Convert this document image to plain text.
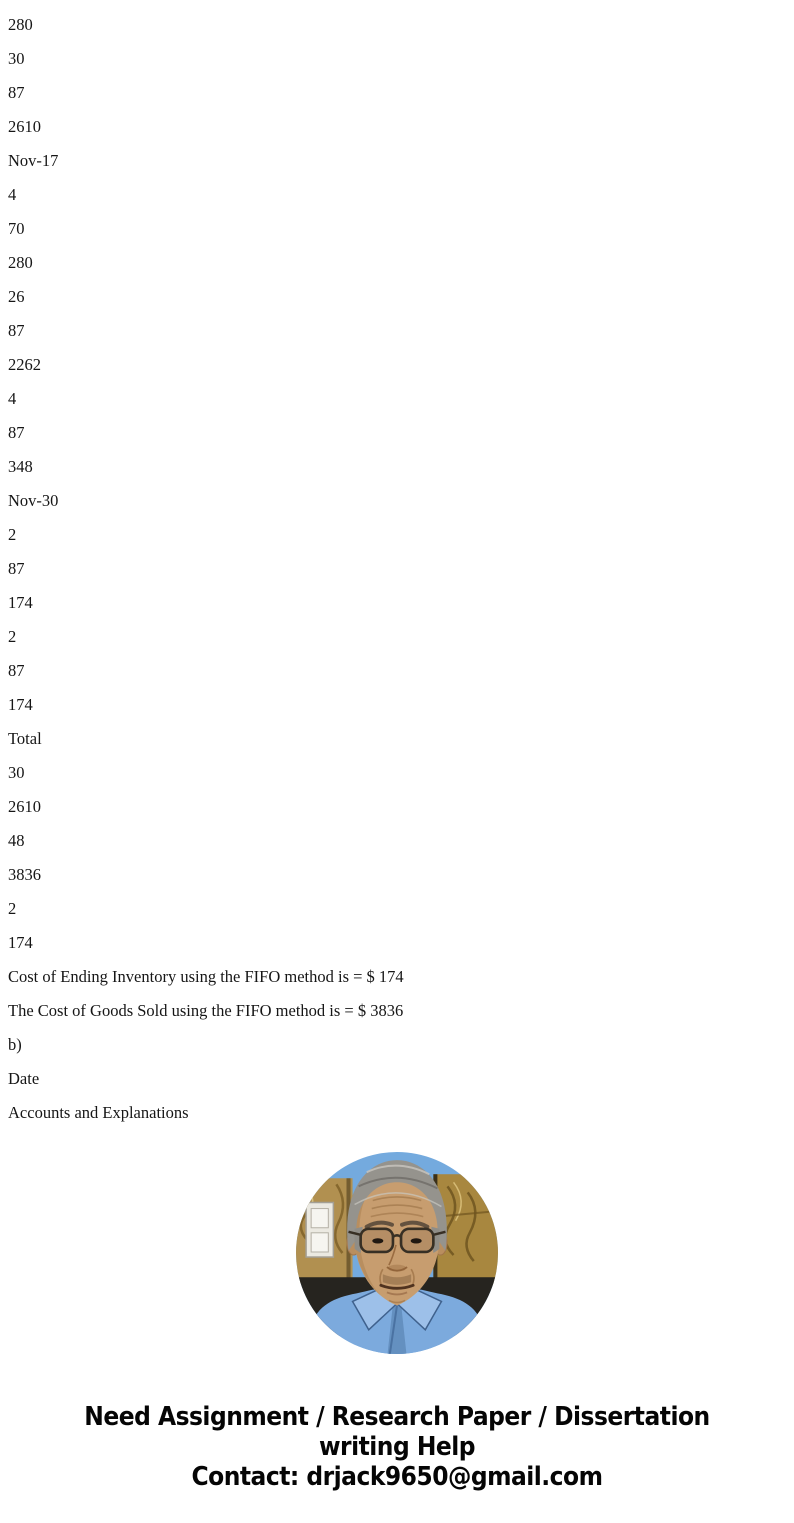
280

30

87

2610

Nov-17

4

70

280

26

87

2262

4

87

348

Nov-30

2

87

174

2

87

174

Total

30

2610

48

3836

2

174

Cost of Ending Inventory using the FIFO method is = $ 174

The Cost of Goods Sold using the FIFO method is = $ 3836

b)

Date

Accounts and Explanations

Need Assignment / Research Paper / Dissertation
writing Help
Contact: drjack9650@gmail.com
